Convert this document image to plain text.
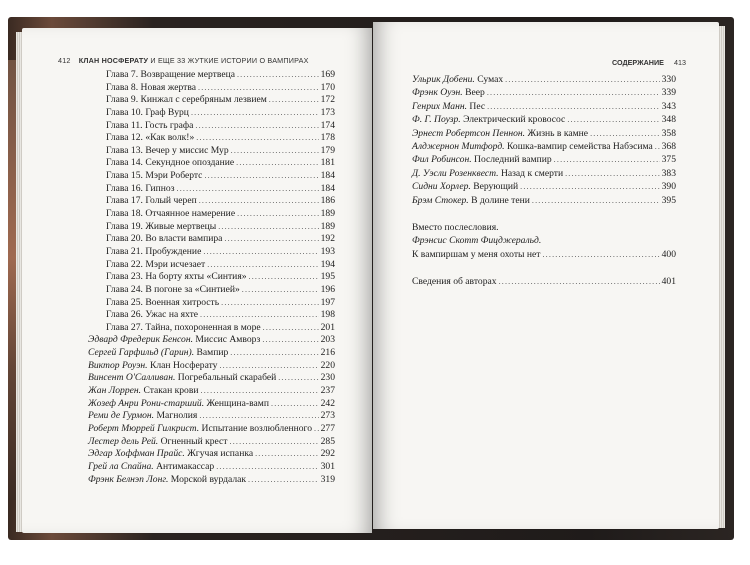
412 КЛАН НОСФЕРАТУ И ЕЩЕ 33 ЖУТКИЕ ИСТОРИИ О ВАМПИРАХ	СОДЕРЖАНИЕ 413
Глава 7. Возвращение мертвеца .....	169
Глава 8. Новая жертва .....	170
Глава 9. Кинжал с серебряным лезвием .....	172
Глава 10. Граф Вурц .....	173
Глава 11. Гость графа .....	174
Глава 12. «Как волк!» .....	178
Глава 13. Вечер у миссис Мур .....	179
Глава 14. Секундное опоздание .....	181
Глава 15. Мэри Робертс .....	184
Глава 16. Гипноз .....	184
Глава 17. Голый череп .....	186
Глава 18. Отчаянное намерение .....	189
Глава 19. Живые мертвецы .....	189
Глава 20. Во власти вампира .....	192
Глава 21. Пробуждение .....	193
Глава 22. Мэри исчезает .....	194
Глава 23. На борту яхты «Синтия» .....	195
Глава 24. В погоне за «Синтией» .....	196
Глава 25. Военная хитрость .....	197
Глава 26. Ужас на яхте .....	198
Глава 27. Тайна, похороненная в море .....	201
Эдвард Фредерик Бенсон. Миссис Амворз .....	203
Сергей Гарфильд (Гарин). Вампир .....	216
Виктор Роуэн. Клан Носферату .....	220
Винсент О'Салливан. Погребальный скарабей .....	230
Жан Лоррен. Стакан крови .....	237
Жозеф Анри Рони-старший. Женщина-вамп .....	242
Реми де Гурмон. Магнолия .....	273
Роберт Мюррей Гилкрист. Испытание возлюбленного ..... 277
Лестер дель Рей. Огненный крест .....	285
Эдгар Хоффман Прайс. Жгучая испанка .....	292
Грей ла Спайна. Антимакассар .....	301
Фрэнк Белнэп Лонг. Морской вурдалак .....	319
Ульрик Добени. Сумах .....	330
Фрэнк Оуэн. Веер .....	339
Генрих Манн. Пес .....	343
Ф. Г. Поузр. Электрический кровосос .....	348
Эрнест Робертсон Пеннон. Жизнь в камне .....	358
Алджернон Митфорд. Кошка-вампир семейства Набэсима ..... 368
Фил Робинсон. Последний вампир .....	375
Д. Уэсли Розенквест. Назад к смерти .....	383
Сидни Хорлер. Верующий .....	390
Брэм Стокер. В долине тени .....	395
Вместо послесловия.
Фрэнсис Скотт Фицджеральд.
К вампиршам у меня охоты нет .....	400
Сведения об авторах .....	401
